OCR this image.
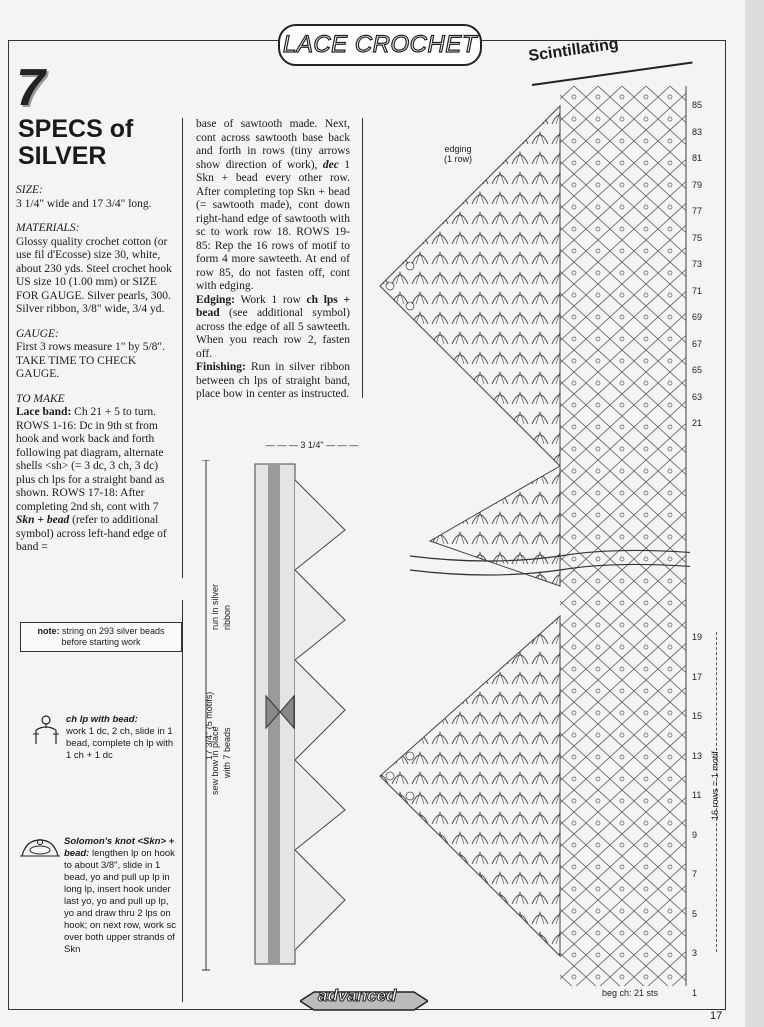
LACE CROCHET
7
SPECS of
SILVER

SIZE:
3 1/4" wide and 17 3/4" long.

MATERIALS:
Glossy quality crochet cotton (or use fil d'Ecosse) size 30, white, about 230 yds. Steel crochet hook US size 10 (1.00 mm) or SIZE FOR GAUGE. Silver pearls, 300. Silver ribbon, 3/8" wide, 3/4 yd.

GAUGE:
First 3 rows measure 1" by 5/8". TAKE TIME TO CHECK GAUGE.

TO MAKE
Lace band: Ch 21 + 5 to turn. ROWS 1-16: Dc in 9th st from hook and work back and forth following pat diagram, alternate shells <sh> (= 3 dc, 3 ch, 3 dc) plus ch lps for a straight band as shown. ROWS 17-18: After completing 2nd sh, cont with 7 Skn + bead (refer to additional symbol) across left-hand edge of band =

base of sawtooth made. Next, cont across sawtooth base back and forth in rows (tiny arrows show direction of work), dec 1 Skn + bead every other row. After completing top Skn + bead (= sawtooth made), cont down right-hand edge of sawtooth with sc to work row 18. ROWS 19-85: Rep the 16 rows of motif to form 4 more sawteeth. At end of row 85, do not fasten off, cont with edging.
Edging: Work 1 row ch lps + bead (see additional symbol) across the edge of all 5 sawteeth. When you reach row 2, fasten off.
Finishing: Run in silver ribbon between ch lps of straight band, place bow in center as instructed.

note: string on 293 silver beads before starting work
ch lp with bead:
work 1 dc, 2 ch, slide in 1 bead, complete ch lp with 1 ch + 1 dc
Solomon's knot <Skn> + bead: lengthen lp on hook to about 3/8", slide in 1 bead, yo and pull up lp in long lp, insert hook under last yo, yo and pull up lp, yo and draw thru 2 lps on hook; on next row, work sc over both upper strands of Skn
— — — 3 1/4" — — —
17 3/4" (5 motifs)
run in silver ribbon
sew bow in place with 7 beads
Scintillating
edging
(1 row)
85
83
81
79
77
75
73
71
69
67
65
63
21
19
17
15
13
11
9
7
5
3
1
16 rows = 1 motif
beg ch: 21 sts
advanced
17
